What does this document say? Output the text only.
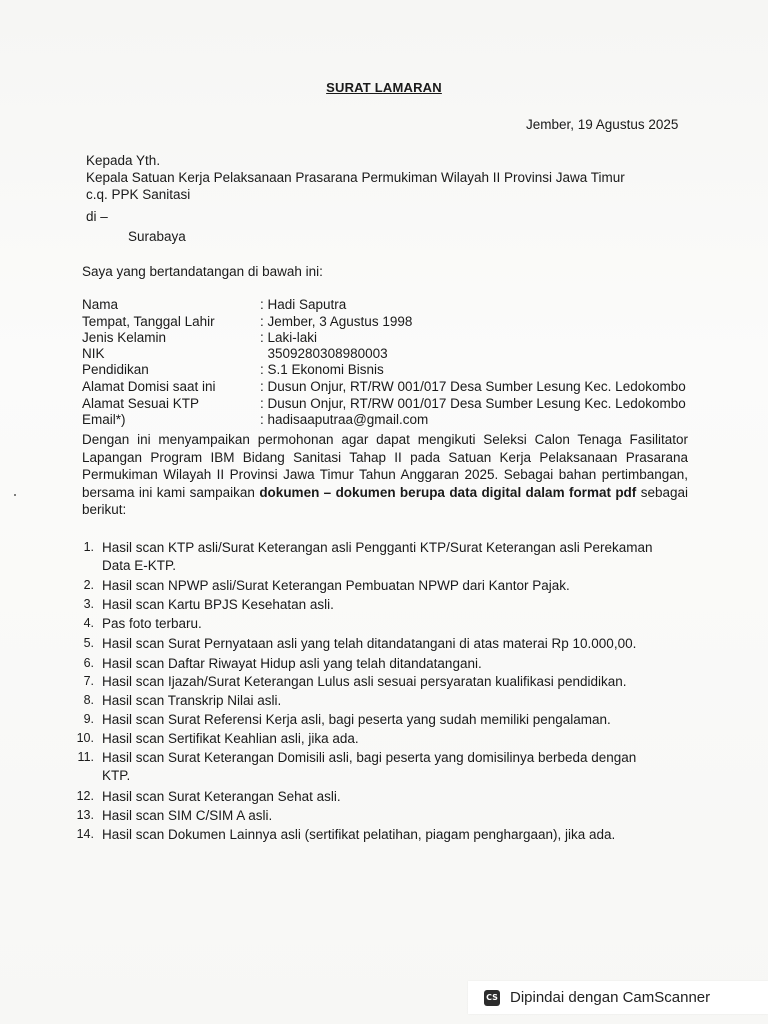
SURAT LAMARAN
Jember, 19 Agustus 2025
Kepada Yth.
Kepala Satuan Kerja Pelaksanaan Prasarana Permukiman Wilayah II Provinsi Jawa Timur
c.q. PPK Sanitasi
di –
Surabaya
Saya yang bertandatangan di bawah ini:
Nama	: Hadi Saputra
Tempat, Tanggal Lahir	: Jember, 3 Agustus 1998
Jenis Kelamin	: Laki-laki
NIK	3509280308980003
Pendidikan	: S.1 Ekonomi Bisnis
Alamat Domisi saat ini	: Dusun Onjur, RT/RW 001/017 Desa Sumber Lesung Kec. Ledokombo
Alamat Sesuai KTP	: Dusun Onjur, RT/RW 001/017 Desa Sumber Lesung Kec. Ledokombo
Email*)	: hadisaaputraa@gmail.com
Dengan ini menyampaikan permohonan agar dapat mengikuti Seleksi Calon Tenaga Fasilitator Lapangan Program IBM Bidang Sanitasi Tahap II pada Satuan Kerja Pelaksanaan Prasarana Permukiman Wilayah II Provinsi Jawa Timur Tahun Anggaran 2025. Sebagai bahan pertimbangan, bersama ini kami sampaikan dokumen – dokumen berupa data digital dalam format pdf sebagai berikut:
1. Hasil scan KTP asli/Surat Keterangan asli Pengganti KTP/Surat Keterangan asli Perekaman Data E-KTP.
2. Hasil scan NPWP asli/Surat Keterangan Pembuatan NPWP dari Kantor Pajak.
3. Hasil scan Kartu BPJS Kesehatan asli.
4. Pas foto terbaru.
5. Hasil scan Surat Pernyataan asli yang telah ditandatangani di atas materai Rp 10.000,00.
6. Hasil scan Daftar Riwayat Hidup asli yang telah ditandatangani.
7. Hasil scan Ijazah/Surat Keterangan Lulus asli sesuai persyaratan kualifikasi pendidikan.
8. Hasil scan Transkrip Nilai asli.
9. Hasil scan Surat Referensi Kerja asli, bagi peserta yang sudah memiliki pengalaman.
10. Hasil scan Sertifikat Keahlian asli, jika ada.
11. Hasil scan Surat Keterangan Domisili asli, bagi peserta yang domisilinya berbeda dengan KTP.
12. Hasil scan Surat Keterangan Sehat asli.
13. Hasil scan SIM C/SIM A asli.
14. Hasil scan Dokumen Lainnya asli (sertifikat pelatihan, piagam penghargaan), jika ada.
CS Dipindai dengan CamScanner
